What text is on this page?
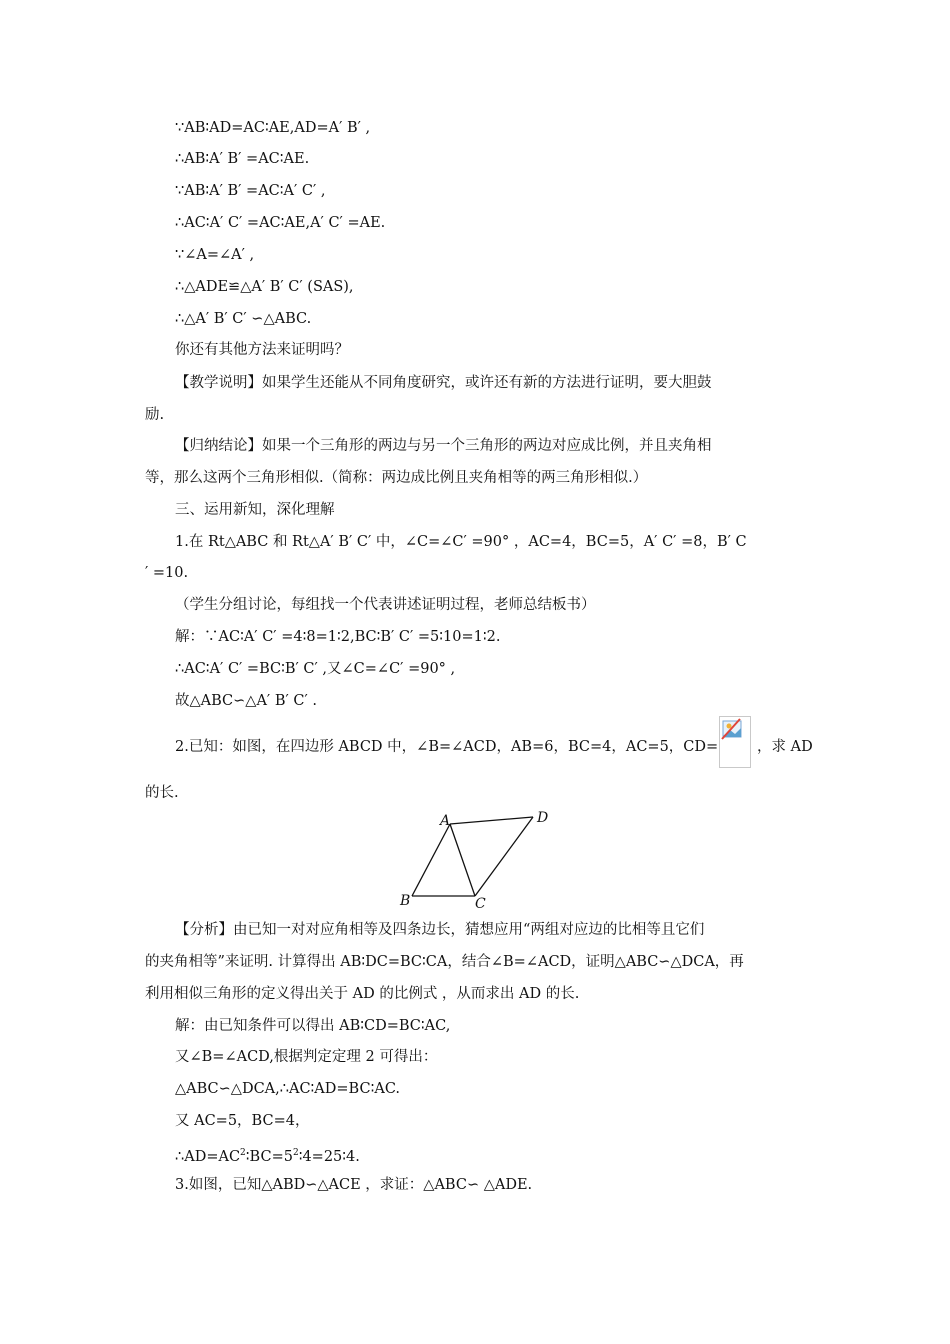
∵AB∶AD=AC∶AE,AD=A′ B′ ,
∴AB∶A′ B′ =AC∶AE.
∵AB∶A′ B′ =AC∶A′ C′ ,
∴AC∶A′ C′ =AC∶AE,A′ C′ =AE.
∵∠A=∠A′ ,
∴△ADE≌△A′ B′ C′ (SAS),
∴△A′ B′ C′ ∽△ABC.
你还有其他方法来证明吗？
【教学说明】如果学生还能从不同角度研究，或许还有新的方法进行证明，要大胆鼓
励.
【归纳结论】如果一个三角形的两边与另一个三角形的两边对应成比例，并且夹角相
等，那么这两个三角形相似.（简称：两边成比例且夹角相等的两三角形相似.）
三、运用新知，深化理解
1.在 Rt△ABC 和 Rt△A′ B′ C′ 中，∠C=∠C′ =90° ，AC=4，BC=5，A′ C′ =8，B′ C
′ =10.
（学生分组讨论，每组找一个代表讲述证明过程，老师总结板书）
解：∵AC∶A′ C′ =4∶8=1∶2,BC∶B′ C′ =5∶10=1∶2.
∴AC∶A′ C′ =BC∶B′ C′ ,又∠C=∠C′ =90° ,
故△ABC∽△A′ B′ C′ .
2.已知：如图，在四边形 ABCD 中，∠B=∠ACD，AB=6，BC=4，AC=5，CD=	，求 AD
的长.
A
B	C
D
【分析】由已知一对对应角相等及四条边长，猜想应用“两组对应边的比相等且它们
的夹角相等”来证明. 计算得出 AB∶DC=BC∶CA，结合∠B=∠ACD，证明△ABC∽△DCA，再
利用相似三角形的定义得出关于 AD 的比例式 ，从而求出 AD 的长.
解：由已知条件可以得出 AB∶CD=BC∶AC,
又∠B=∠ACD,根据判定定理 2 可得出：
△ABC∽△DCA,∴AC∶AD=BC∶AC.
又 AC=5，BC=4，
$\therefore AD=AC^2∶BC=5^2∶4=25∶4$.
3.如图，已知△ABD∽△ACE ，求证：△ABC∽ △ADE.
